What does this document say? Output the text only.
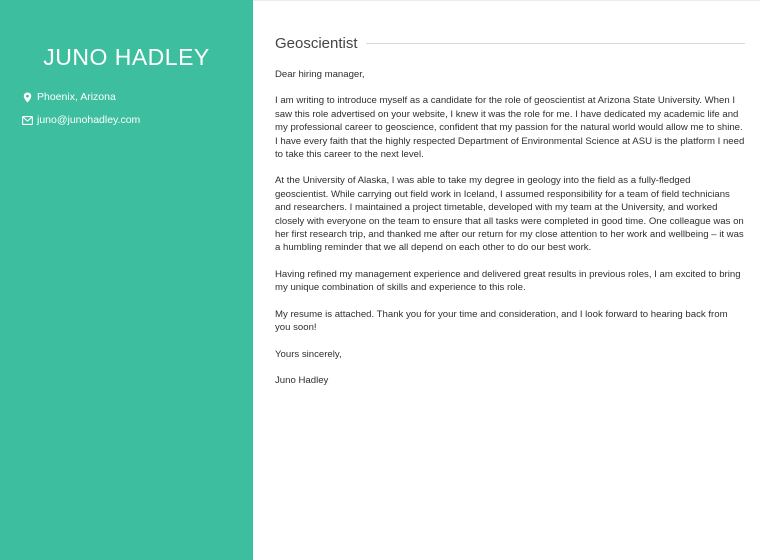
JUNO HADLEY
Phoenix, Arizona
juno@junohadley.com
Geoscientist

Dear hiring manager,

I am writing to introduce myself as a candidate for the role of geoscientist at Arizona State University. When I saw this role advertised on your website, I knew it was the role for me. I have dedicated my academic life and my professional career to geoscience, confident that my passion for the natural world would allow me to shine. I have every faith that the highly respected Department of Environmental Science at ASU is the platform I need to take this career to the next level.

At the University of Alaska, I was able to take my degree in geology into the field as a fully-fledged geoscientist. While carrying out field work in Iceland, I assumed responsibility for a team of field technicians and researchers. I maintained a project timetable, developed with my team at the University, and worked closely with everyone on the team to ensure that all tasks were completed in good time. One colleague was on her first research trip, and thanked me after our return for my close attention to her work and wellbeing – it was a humbling reminder that we all depend on each other to do our best work.

Having refined my management experience and delivered great results in previous roles, I am excited to bring my unique combination of skills and experience to this role.

My resume is attached. Thank you for your time and consideration, and I look forward to hearing back from you soon!

Yours sincerely,

Juno Hadley
